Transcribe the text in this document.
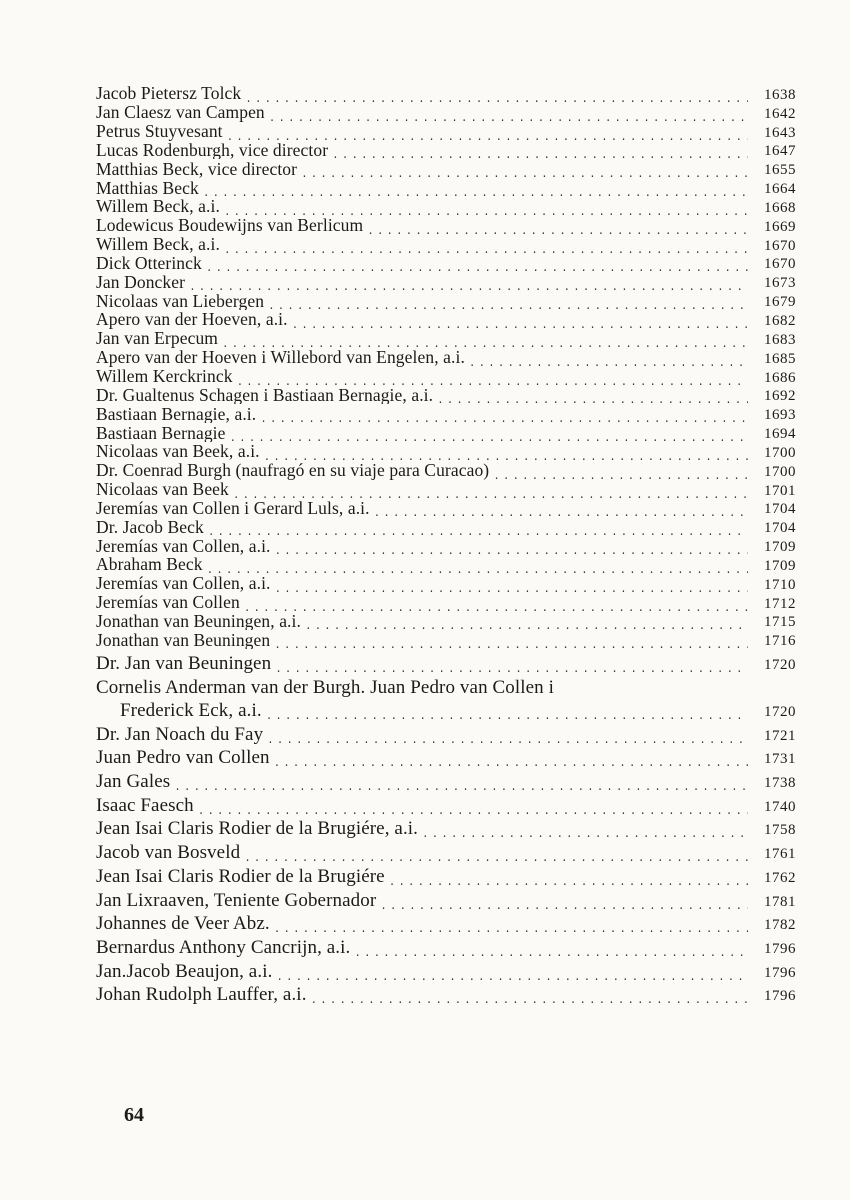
Jacob Pietersz Tolck .....	1638
Jan Claesz van Campen .....	1642
Petrus Stuyvesant .....	1643
Lucas Rodenburgh, vice director .....	1647
Matthias Beck, vice director .....	1655
Matthias Beck .....	1664
Willem Beck, a.i. .....	1668
Lodewicus Boudewijns van Berlicum .....	1669
Willem Beck, a.i. .....	1670
Dick Otterinck .....	1670
Jan Doncker .....	1673
Nicolaas van Liebergen .....	1679
Apero van der Hoeven, a.i. .....	1682
Jan van Erpecum .....	1683
Apero van der Hoeven i Willebord van Engelen, a.i. .....	1685
Willem Kerckrinck .....	1686
Dr. Gualtenus Schagen i Bastiaan Bernagie, a.i. .....	1692
Bastiaan Bernagie, a.i. .....	1693
Bastiaan Bernagie .....	1694
Nicolaas van Beek, a.i. .....	1700
Dr. Coenrad Burgh (naufragó en su viaje para Curacao) .....	1700
Nicolaas van Beek .....	1701
Jeremías van Collen i Gerard Luls, a.i. .....	1704
Dr. Jacob Beck .....	1704
Jeremías van Collen, a.i. .....	1709
Abraham Beck .....	1709
Jeremías van Collen, a.i. .....	1710
Jeremías van Collen .....	1712
Jonathan van Beuningen, a.i. .....	1715
Jonathan van Beuningen .....	1716
Dr. Jan van Beuningen .....	1720
Cornelis Anderman van der Burgh. Juan Pedro van Collen i
Frederick Eck, a.i. .....	1720
Dr. Jan Noach du Fay .....	1721
Juan Pedro van Collen .....	1731
Jan Gales .....	1738
Isaac Faesch .....	1740
Jean Isai Claris Rodier de la Brugiére, a.i. .....	1758
Jacob van Bosveld .....	1761
Jean Isai Claris Rodier de la Brugiére .....	1762
Jan Lixraaven, Teniente Gobernador .....	1781
Johannes de Veer Abz. .....	1782
Bernardus Anthony Cancrijn, a.i. .....	1796
Jan.Jacob Beaujon, a.i. .....	1796
Johan Rudolph Lauffer, a.i. .....	1796
64
